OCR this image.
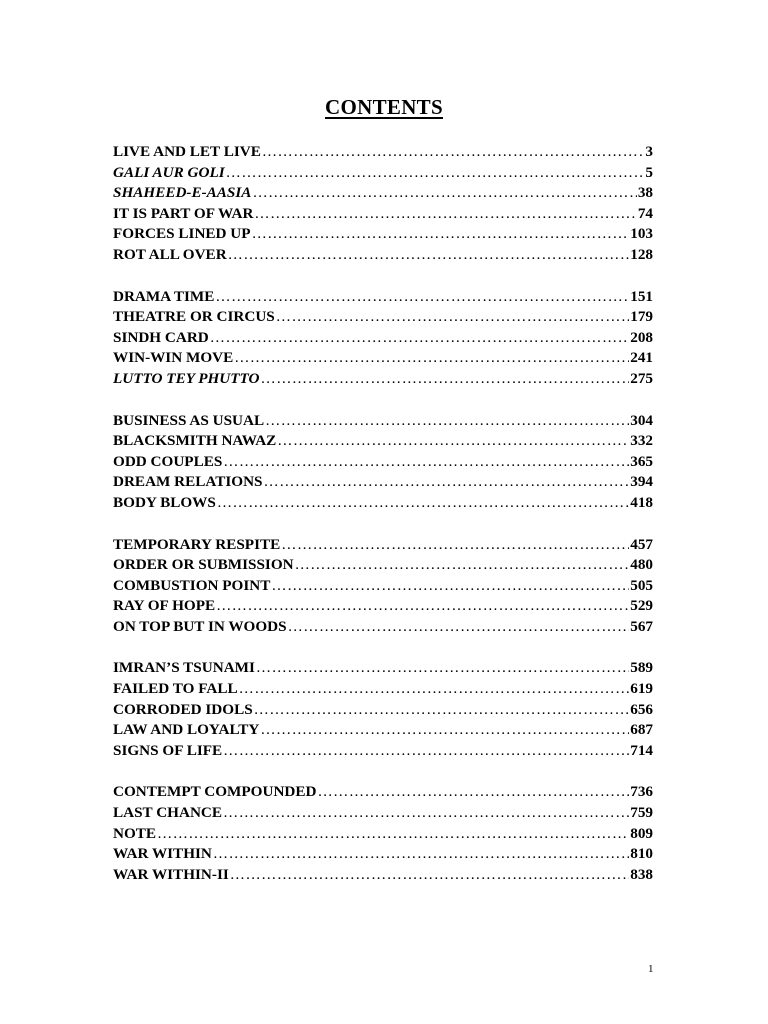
CONTENTS
LIVE AND LET LIVE ……………………………………………………………………………………………………………………………………	3
GALI AUR GOLI ……………………………………………………………………………………………………………………………………	5
SHAHEED-E-AASIA ……………………………………………………………………………………………………………………………………	38
IT IS PART OF WAR ……………………………………………………………………………………………………………………………………	74
FORCES LINED UP ……………………………………………………………………………………………………………………………………	103
ROT ALL OVER ……………………………………………………………………………………………………………………………………	128
DRAMA TIME ……………………………………………………………………………………………………………………………………	151
THEATRE OR CIRCUS ……………………………………………………………………………………………………………………………………	179
SINDH CARD ……………………………………………………………………………………………………………………………………	208
WIN-WIN MOVE ……………………………………………………………………………………………………………………………………	241
LUTTO TEY PHUTTO ……………………………………………………………………………………………………………………………………	275
BUSINESS AS USUAL ……………………………………………………………………………………………………………………………………	304
BLACKSMITH NAWAZ ……………………………………………………………………………………………………………………………………	332
ODD COUPLES ……………………………………………………………………………………………………………………………………	365
DREAM RELATIONS ……………………………………………………………………………………………………………………………………	394
BODY BLOWS ……………………………………………………………………………………………………………………………………	418
TEMPORARY RESPITE ……………………………………………………………………………………………………………………………………	457
ORDER OR SUBMISSION ……………………………………………………………………………………………………………………………………	480
COMBUSTION POINT ……………………………………………………………………………………………………………………………………	505
RAY OF HOPE ……………………………………………………………………………………………………………………………………	529
ON TOP BUT IN WOODS ……………………………………………………………………………………………………………………………………	567
IMRAN’S TSUNAMI ……………………………………………………………………………………………………………………………………	589
FAILED TO FALL ……………………………………………………………………………………………………………………………………	619
CORRODED IDOLS ……………………………………………………………………………………………………………………………………	656
LAW AND LOYALTY ……………………………………………………………………………………………………………………………………	687
SIGNS OF LIFE ……………………………………………………………………………………………………………………………………	714
CONTEMPT COMPOUNDED ……………………………………………………………………………………………………………………………………	736
LAST CHANCE ……………………………………………………………………………………………………………………………………	759
NOTE ……………………………………………………………………………………………………………………………………	809
WAR WITHIN ……………………………………………………………………………………………………………………………………	810
WAR WITHIN-II ……………………………………………………………………………………………………………………………………	838
1
